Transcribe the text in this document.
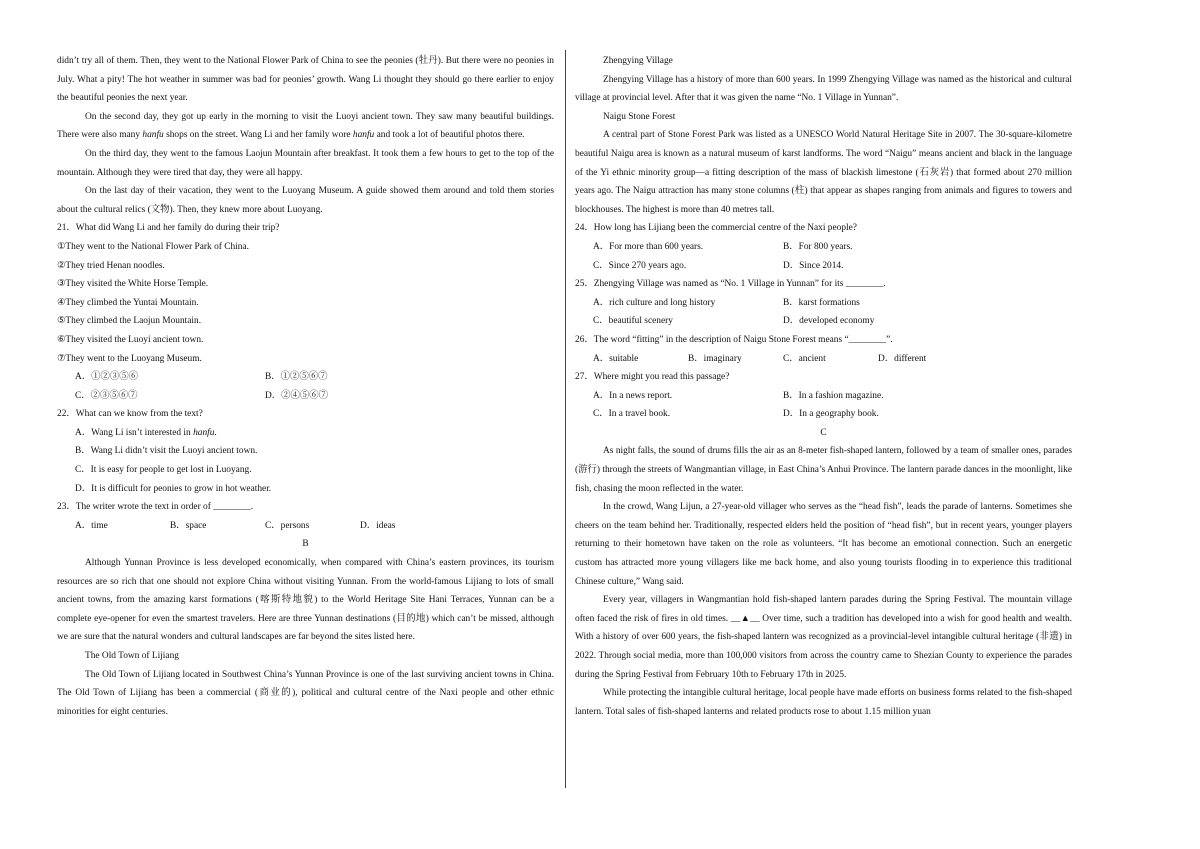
didn’t try all of them. Then, they went to the National Flower Park of China to see the peonies (牡丹). But there were no peonies in July. What a pity! The hot weather in summer was bad for peonies’ growth. Wang Li thought they should go there earlier to enjoy the beautiful peonies the next year.

On the second day, they got up early in the morning to visit the Luoyi ancient town. They saw many beautiful buildings. There were also many hanfu shops on the street. Wang Li and her family wore hanfu and took a lot of beautiful photos there.

On the third day, they went to the famous Laojun Mountain after breakfast. It took them a few hours to get to the top of the mountain. Although they were tired that day, they were all happy.

On the last day of their vacation, they went to the Luoyang Museum. A guide showed them around and told them stories about the cultural relics (文物). Then, they knew more about Luoyang.

21．What did Wang Li and her family do during their trip?

①They went to the National Flower Park of China.

②They tried Henan noodles.

③They visited the White Horse Temple.

④They climbed the Yuntai Mountain.

⑤They climbed the Laojun Mountain.

⑥They visited the Luoyi ancient town.

⑦They went to the Luoyang Museum.

A．①②③⑤⑥	B．①②⑤⑥⑦
C．②③⑤⑥⑦	D．②④⑤⑥⑦

22．What can we know from the text?

A．Wang Li isn’t interested in hanfu.

B．Wang Li didn’t visit the Luoyi ancient town.

C．It is easy for people to get lost in Luoyang.

D．It is difficult for peonies to grow in hot weather.

23．The writer wrote the text in order of ________.

A．time	B．space	C．persons	D．ideas

B

Although Yunnan Province is less developed economically, when compared with China’s eastern provinces, its tourism resources are so rich that one should not explore China without visiting Yunnan. From the world-famous Lijiang to lots of small ancient towns, from the amazing karst formations (喀斯特地貌) to the World Heritage Site Hani Terraces, Yunnan can be a complete eye-opener for even the smartest travelers. Here are three Yunnan destinations (目的地) which can’t be missed, although we are sure that the natural wonders and cultural landscapes are far beyond the sites listed here.

The Old Town of Lijiang

The Old Town of Lijiang located in Southwest China’s Yunnan Province is one of the last surviving ancient towns in China. The Old Town of Lijiang has been a commercial (商业的), political and cultural centre of the Naxi people and other ethnic minorities for eight centuries.

Zhengying Village

Zhengying Village has a history of more than 600 years. In 1999 Zhengying Village was named as the historical and cultural village at provincial level. After that it was given the name “No. 1 Village in Yunnan”.

Naigu Stone Forest

A central part of Stone Forest Park was listed as a UNESCO World Natural Heritage Site in 2007. The 30-square-kilometre beautiful Naigu area is known as a natural museum of karst landforms. The word “Naigu” means ancient and black in the language of the Yi ethnic minority group—a fitting description of the mass of blackish limestone (石灰岩) that formed about 270 million years ago. The Naigu attraction has many stone columns (柱) that appear as shapes ranging from animals and figures to towers and blockhouses. The highest is more than 40 metres tall.

24．How long has Lijiang been the commercial centre of the Naxi people?

A．For more than 600 years.	B．For 800 years.
C．Since 270 years ago.	D．Since 2014.

25．Zhengying Village was named as “No. 1 Village in Yunnan” for its ________.

A．rich culture and long history	B．karst formations
C．beautiful scenery	D．developed economy

26．The word “fitting” in the description of Naigu Stone Forest means “________”.

A．suitable	B．imaginary	C．ancient	D．different

27．Where might you read this passage?

A．In a news report.	B．In a fashion magazine.
C．In a travel book.	D．In a geography book.

C

As night falls, the sound of drums fills the air as an 8-meter fish-shaped lantern, followed by a team of smaller ones, parades (游行) through the streets of Wangmantian village, in East China’s Anhui Province. The lantern parade dances in the moonlight, like fish, chasing the moon reflected in the water.

In the crowd, Wang Lijun, a 27-year-old villager who serves as the “head fish”, leads the parade of lanterns. Sometimes she cheers on the team behind her. Traditionally, respected elders held the position of “head fish”, but in recent years, younger players returning to their hometown have taken on the role as volunteers. “It has become an emotional connection. Such an energetic custom has attracted more young villagers like me back home, and also young tourists flooding in to experience this traditional Chinese culture,” Wang said.

Every year, villagers in Wangmantian hold fish-shaped lantern parades during the Spring Festival. The mountain village often faced the risk of fires in old times. __▲__ Over time, such a tradition has developed into a wish for good health and wealth. With a history of over 600 years, the fish-shaped lantern was recognized as a provincial-level intangible cultural heritage (非遗) in 2022. Through social media, more than 100,000 visitors from across the country came to Shezian County to experience the parades during the Spring Festival from February 10th to February 17th in 2025.

While protecting the intangible cultural heritage, local people have made efforts on business forms related to the fish-shaped lantern. Total sales of fish-shaped lanterns and related products rose to about 1.15 million yuan
